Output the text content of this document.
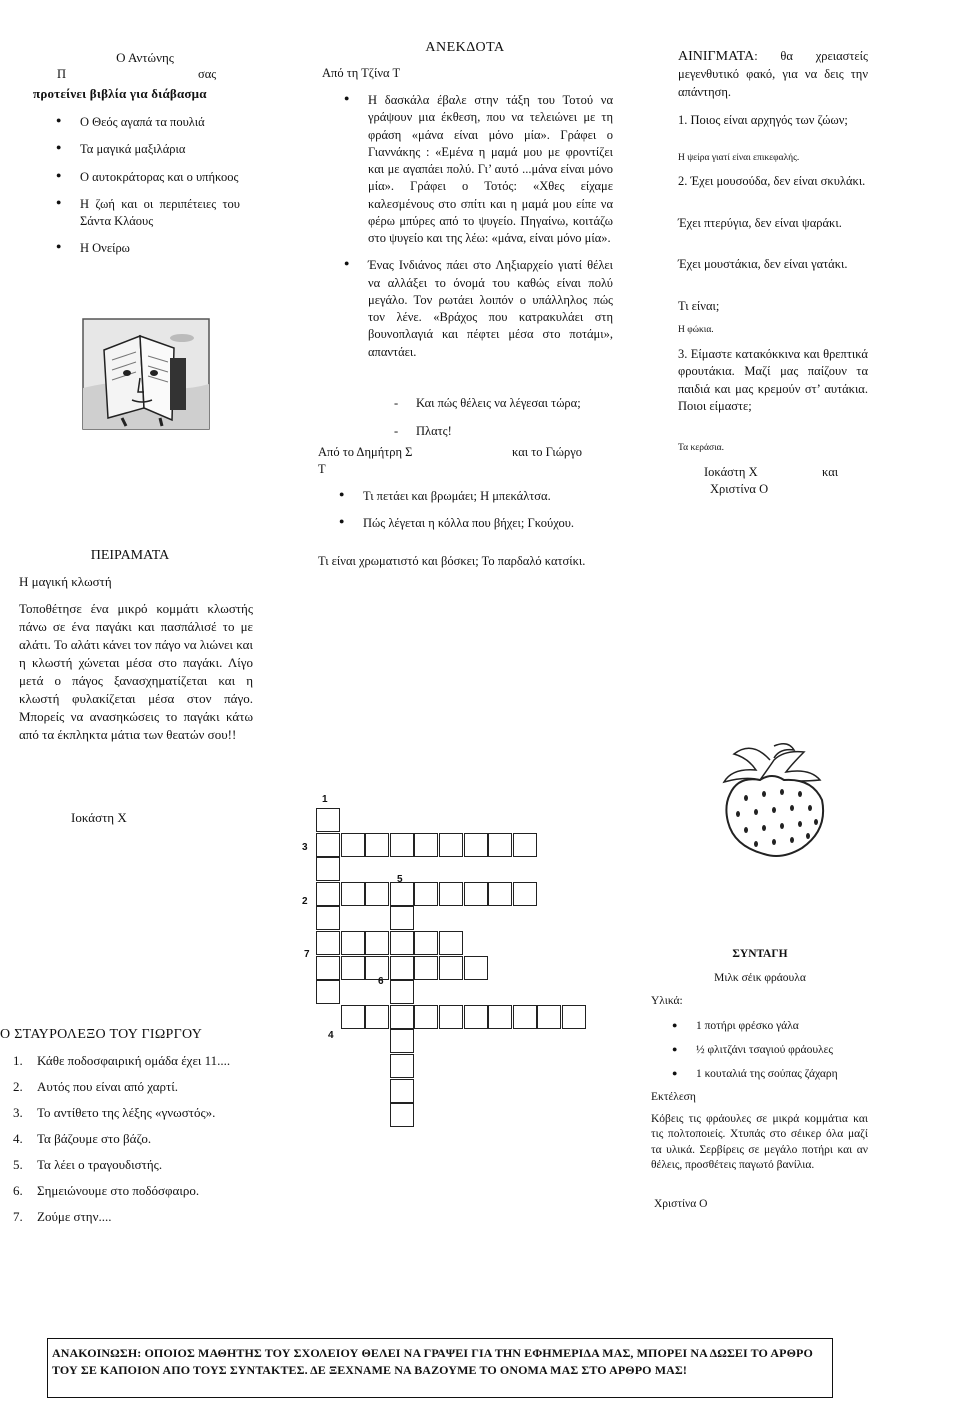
Ο Αντώνης
Π	σας
προτείνει βιβλία για διάβασμα
● Ο Θεός αγαπά τα πουλιά
● Τα μαγικά μαξιλάρια
● Ο αυτοκράτορας και ο υπήκοος
● Η ζωή και οι περιπέτειες του Σάντα Κλάους
● Η Ονείρω
ΠΕΙΡΑΜΑΤΑ
Η μαγική κλωστή

Τοποθέτησε ένα μικρό κομμάτι κλωστής πάνω σε ένα παγάκι και πασπάλισέ το με αλάτι. Το αλάτι κάνει τον πάγο να λιώνει και η κλωστή χώνεται μέσα στο παγάκι. Λίγο μετά ο πάγος ξανασχηματίζεται και η κλωστή φυλακίζεται μέσα στον πάγο. Μπορείς να ανασηκώσεις το παγάκι κάτω από τα έκπληκτα μάτια των θεατών σου!!

Ιοκάστη Χ
ΑΝΕΚΔΟΤΑ
Από τη Τζίνα Τ
● Η δασκάλα έβαλε στην τάξη του Τοτού να γράψουν μια έκθεση, που να τελειώνει με τη φράση «μάνα είναι μόνο μία». Γράφει ο Γιαννάκης : «Εμένα η μαμά μου με φροντίζει και με αγαπάει πολύ. Γι’ αυτό ...μάνα είναι μόνο μία». Γράφει ο Τοτός: «Χθες είχαμε καλεσμένους στο σπίτι και η μαμά μου είπε να φέρω μπύρες από το ψυγείο. Πηγαίνω, κοιτάζω στο ψυγείο και της λέω: «μάνα, είναι μόνο μία».
● Ένας Ινδιάνος πάει στο Ληξιαρχείο γιατί θέλει να αλλάξει το όνομά του καθώς είναι πολύ μεγάλο. Τον ρωτάει λοιπόν ο υπάλληλος πώς τον λένε. «Βράχος που κατρακυλάει στη βουνοπλαγιά και πέφτει μέσα στο ποτάμι», απαντάει.
- Και πώς θέλεις να λέγεσαι τώρα;
- Πλατς!
Από το Δημήτρη Σ	και το Γιώργο
Τ
● Τι πετάει και βρωμάει; Η μπεκάλτσα.
● Πώς λέγεται η κόλλα που βήχει; Γκούχου.

Τι είναι χρωματιστό και βόσκει; Το παρδαλό κατσίκι.

ΑΙΝΙΓΜΑΤΑ: θα χρειαστείς μεγενθυτικό φακό, για να δεις την απάντηση.

1. Ποιος είναι αρχηγός των ζώων;

Η ψείρα γιατί είναι επικεφαλής.

2. Έχει μουσούδα, δεν είναι σκυλάκι.

Έχει πτερύγια, δεν είναι ψαράκι.

Έχει μουστάκια, δεν είναι γατάκι.

Τι είναι;

Η φώκια.

3. Είμαστε κατακόκκινα και θρεπτικά φρουτάκια. Μαζί μας παίζουν τα παιδιά και μας κρεμούν στ’ αυτάκια. Ποιοι είμαστε;

Τα κεράσια.

Ιοκάστη Χ	και
Χριστίνα Ο
ΣΥΝΤΑΓΗ
Μιλκ σέικ φράουλα
Υλικά:
● 1 ποτήρι φρέσκο γάλα
● ½ φλιτζάνι τσαγιού φράουλες
● 1 κουταλιά της σούπας ζάχαρη
Εκτέλεση

Κόβεις τις φράουλες σε μικρά κομμάτια και τις πολτοποιείς. Χτυπάς στο σέικερ όλα μαζί τα υλικά. Σερβίρεις σε μεγάλο ποτήρι και αν θέλεις, προσθέτεις παγωτό βανίλια.

Χριστίνα Ο
1
3
5
2
7
6
4
Ο ΣΤΑΥΡΟΛΕΞΟ ΤΟΥ ΓΙΩΡΓΟΥ
1. Κάθε ποδοσφαιρική ομάδα έχει 11....
2. Αυτός που είναι από χαρτί.
3. Το αντίθετο της λέξης «γνωστός».
4. Τα βάζουμε στο βάζο.
5. Τα λέει ο τραγουδιστής.
6. Σημειώνουμε στο ποδόσφαιρο.
7. Ζούμε στην....
ΑΝΑΚΟΙΝΩΣΗ: ΟΠΟΙΟΣ ΜΑΘΗΤΗΣ ΤΟΥ ΣΧΟΛΕΙΟΥ ΘΕΛΕΙ ΝΑ ΓΡΑΨΕΙ ΓΙΑ ΤΗΝ ΕΦΗΜΕΡΙΔΑ ΜΑΣ, ΜΠΟΡΕΙ ΝΑ ΔΩΣΕΙ ΤΟ ΑΡΘΡΟ ΤΟΥ ΣΕ ΚΑΠΟΙΟΝ ΑΠΟ ΤΟΥΣ ΣΥΝΤΑΚΤΕΣ. ΔΕ ΞΕΧΝΑΜΕ ΝΑ ΒΑΖΟΥΜΕ ΤΟ ΟΝΟΜΑ ΜΑΣ ΣΤΟ ΑΡΘΡΟ ΜΑΣ!
